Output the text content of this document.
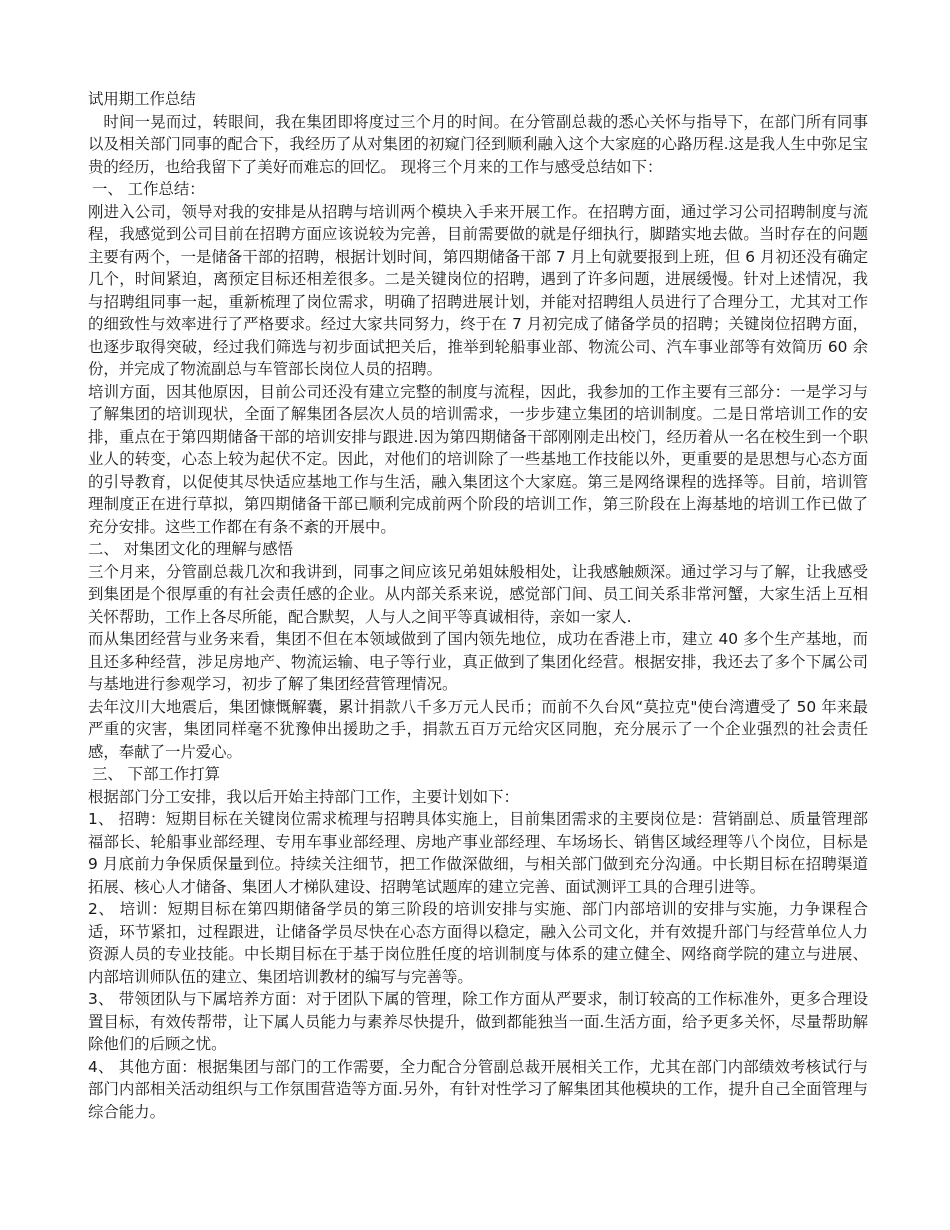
试用期工作总结

时间一晃而过，转眼间，我在集团即将度过三个月的时间。在分管副总裁的悉心关怀与指导下，在部门所有同事以及相关部门同事的配合下，我经历了从对集团的初窥门径到顺利融入这个大家庭的心路历程.这是我人生中弥足宝贵的经历，也给我留下了美好而难忘的回忆。 现将三个月来的工作与感受总结如下：

一、 工作总结：

刚进入公司，领导对我的安排是从招聘与培训两个模块入手来开展工作。在招聘方面，通过学习公司招聘制度与流程，我感觉到公司目前在招聘方面应该说较为完善，目前需要做的就是仔细执行，脚踏实地去做。当时存在的问题主要有两个，一是储备干部的招聘，根据计划时间，第四期储备干部 7 月上旬就要报到上班，但 6 月初还没有确定几个，时间紧迫，离预定目标还相差很多。二是关键岗位的招聘，遇到了许多问题，进展缓慢。针对上述情况，我与招聘组同事一起，重新梳理了岗位需求，明确了招聘进展计划，并能对招聘组人员进行了合理分工，尤其对工作的细致性与效率进行了严格要求。经过大家共同努力，终于在 7 月初完成了储备学员的招聘；关键岗位招聘方面，也逐步取得突破，经过我们筛选与初步面试把关后，推举到轮船事业部、物流公司、汽车事业部等有效简历 60 余份，并完成了物流副总与车管部长岗位人员的招聘。

培训方面，因其他原因，目前公司还没有建立完整的制度与流程，因此，我参加的工作主要有三部分：一是学习与了解集团的培训现状，全面了解集团各层次人员的培训需求，一步步建立集团的培训制度。二是日常培训工作的安排，重点在于第四期储备干部的培训安排与跟进.因为第四期储备干部刚刚走出校门，经历着从一名在校生到一个职业人的转变，心态上较为起伏不定。因此，对他们的培训除了一些基地工作技能以外，更重要的是思想与心态方面的引导教育，以促使其尽快适应基地工作与生活，融入集团这个大家庭。第三是网络课程的选择等。目前，培训管理制度正在进行草拟，第四期储备干部已顺利完成前两个阶段的培训工作，第三阶段在上海基地的培训工作已做了充分安排。这些工作都在有条不紊的开展中。

二、 对集团文化的理解与感悟

三个月来，分管副总裁几次和我讲到，同事之间应该兄弟姐妹般相处，让我感触颇深。通过学习与了解，让我感受到集团是个很厚重的有社会责任感的企业。从内部关系来说，感觉部门间、员工间关系非常河蟹，大家生活上互相关怀帮助，工作上各尽所能，配合默契，人与人之间平等真诚相待，亲如一家人.

而从集团经营与业务来看，集团不但在本领域做到了国内领先地位，成功在香港上市，建立 40 多个生产基地，而且还多种经营，涉足房地产、物流运输、电子等行业，真正做到了集团化经营。根据安排，我还去了多个下属公司与基地进行参观学习，初步了解了集团经营管理情况。

去年汶川大地震后，集团慷慨解囊，累计捐款八千多万元人民币；而前不久台风“莫拉克"使台湾遭受了 50 年来最严重的灾害，集团同样毫不犹豫伸出援助之手，捐款五百万元给灾区同胞，充分展示了一个企业强烈的社会责任感，奉献了一片爱心。

三、 下部工作打算

根据部门分工安排，我以后开始主持部门工作，主要计划如下：

1、 招聘：短期目标在关键岗位需求梳理与招聘具体实施上，目前集团需求的主要岗位是：营销副总、质量管理部福部长、轮船事业部经理、专用车事业部经理、房地产事业部经理、车场场长、销售区域经理等八个岗位，目标是 9 月底前力争保质保量到位。持续关注细节，把工作做深做细，与相关部门做到充分沟通。中长期目标在招聘渠道拓展、核心人才储备、集团人才梯队建设、招聘笔试题库的建立完善、面试测评工具的合理引进等。

2、 培训：短期目标在第四期储备学员的第三阶段的培训安排与实施、部门内部培训的安排与实施，力争课程合适，环节紧扣，过程跟进，让储备学员尽快在心态方面得以稳定，融入公司文化，并有效提升部门与经营单位人力资源人员的专业技能。中长期目标在于基于岗位胜任度的培训制度与体系的建立健全、网络商学院的建立与进展、内部培训师队伍的建立、集团培训教材的编写与完善等。

3、 带领团队与下属培养方面：对于团队下属的管理，除工作方面从严要求，制订较高的工作标准外，更多合理设置目标，有效传帮带，让下属人员能力与素养尽快提升，做到都能独当一面.生活方面，给予更多关怀，尽量帮助解除他们的后顾之忧。

4、 其他方面：根据集团与部门的工作需要，全力配合分管副总裁开展相关工作，尤其在部门内部绩效考核试行与部门内部相关活动组织与工作氛围营造等方面.另外，有针对性学习了解集团其他模块的工作，提升自己全面管理与综合能力。
